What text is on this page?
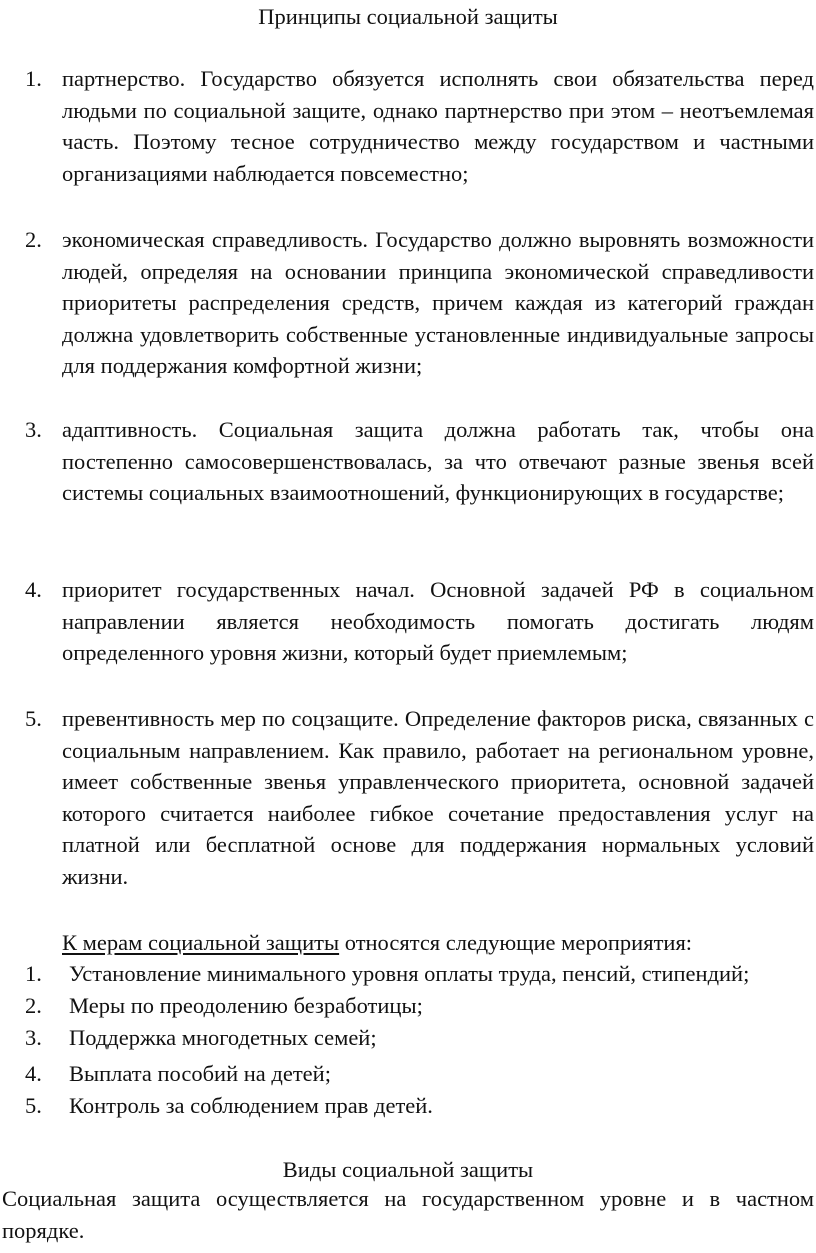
Принципы социальной защиты
1. партнерство. Государство обязуется исполнять свои обязательства перед людьми по социальной защите, однако партнерство при этом – неотъемлемая часть. Поэтому тесное сотрудничество между государством и частными организациями наблюдается повсеместно;
2. экономическая справедливость. Государство должно выровнять возможности людей, определяя на основании принципа экономической справедливости приоритеты распределения средств, причем каждая из категорий граждан должна удовлетворить собственные установленные индивидуальные запросы для поддержания комфортной жизни;
3. адаптивность. Социальная защита должна работать так, чтобы она постепенно самосовершенствовалась, за что отвечают разные звенья всей системы социальных взаимоотношений, функционирующих в государстве;
4. приоритет государственных начал. Основной задачей РФ в социальном направлении является необходимость помогать достигать людям определенного уровня жизни, который будет приемлемым;
5. превентивность мер по соцзащите. Определение факторов риска, связанных с социальным направлением. Как правило, работает на региональном уровне, имеет собственные звенья управленческого приоритета, основной задачей которого считается наиболее гибкое сочетание предоставления услуг на платной или бесплатной основе для поддержания нормальных условий жизни.
К мерам социальной защиты относятся следующие мероприятия:
1. Установление минимального уровня оплаты труда, пенсий, стипендий;
2. Меры по преодолению безработицы;
3. Поддержка многодетных семей;
4. Выплата пособий на детей;
5. Контроль за соблюдением прав детей.
Виды социальной защиты
Социальная защита осуществляется на государственном уровне и в частном порядке.
